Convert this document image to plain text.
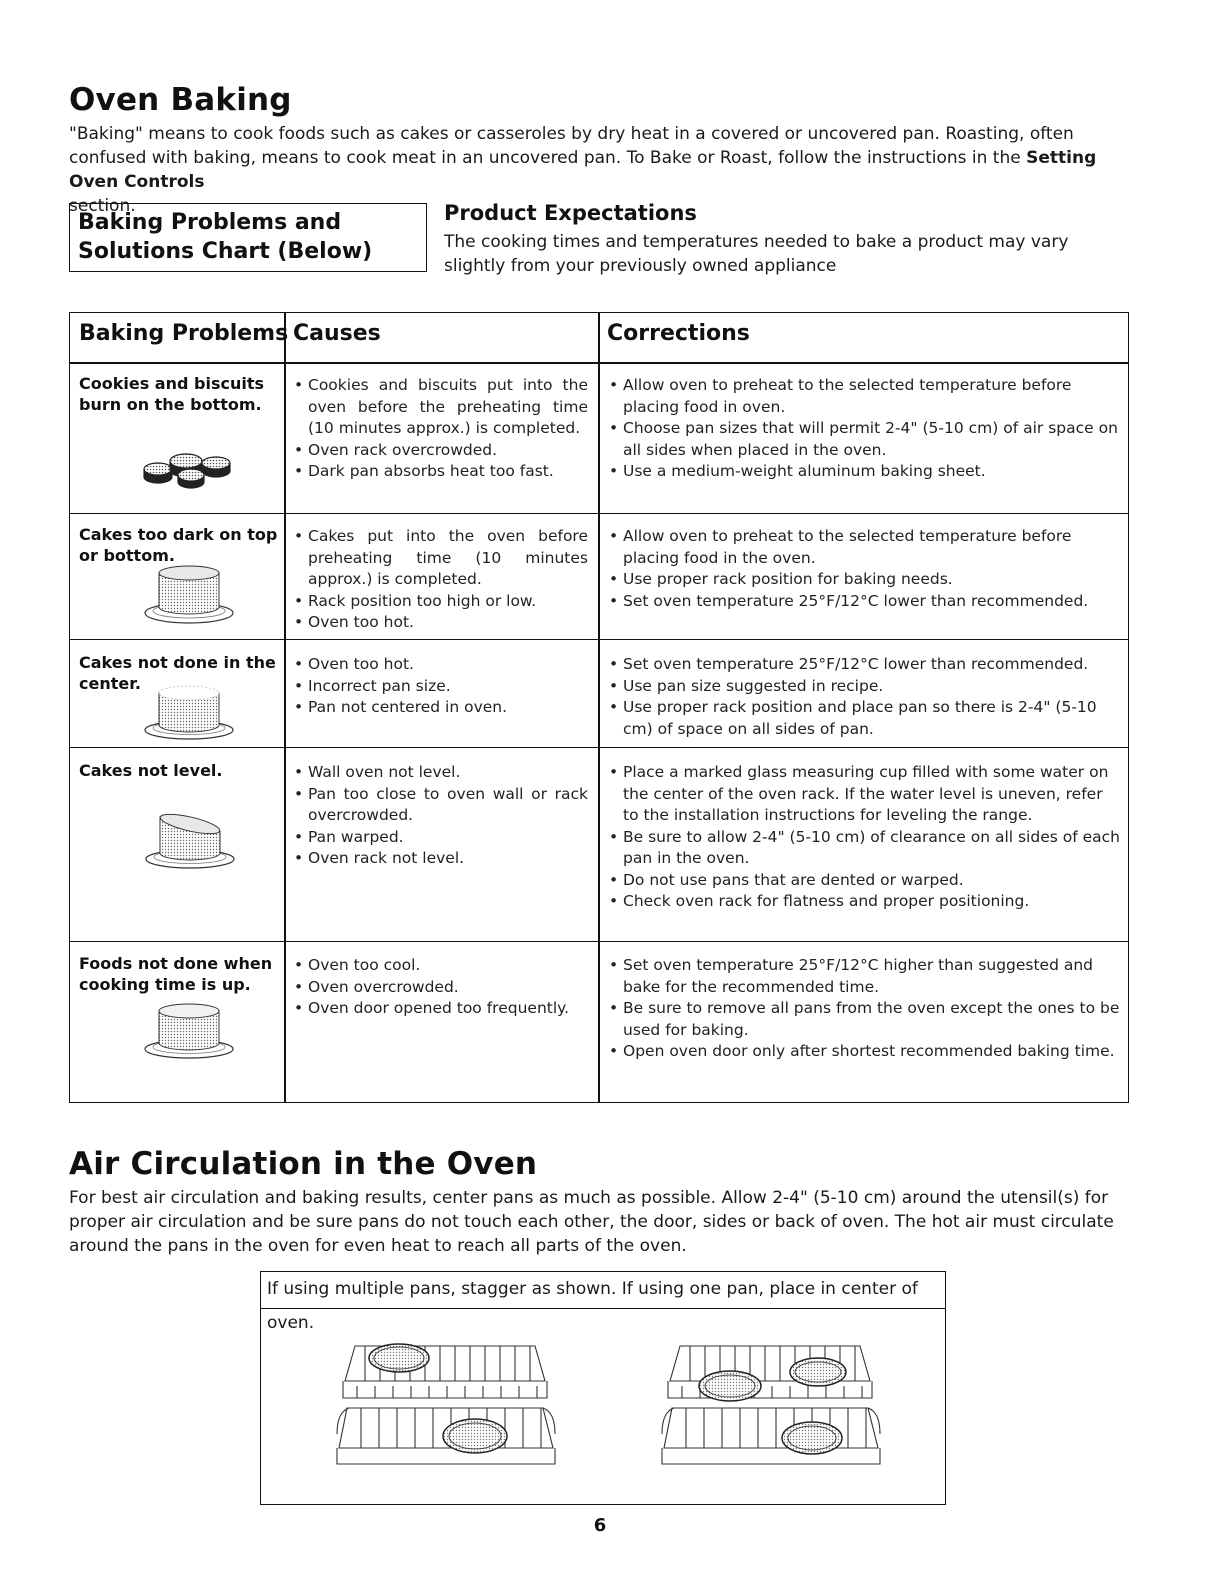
Oven Baking

"Baking" means to cook foods such as cakes or casseroles by dry heat in a covered or uncovered pan. Roasting, often confused with baking, means to cook meat in an uncovered pan. To Bake or Roast, follow the instructions in the Setting Oven Controls
section.

Baking Problems and
Solutions Chart (Below)
Product Expectations
The cooking times and temperatures needed to bake a product may vary slightly from your previously owned appliance
Baking Problems Causes	Corrections
Cookies and biscuits burn on the bottom.
• Cookies and biscuits put into the oven before the preheating time (10 minutes approx.) is completed.
• Oven rack overcrowded.
• Dark pan absorbs heat too fast.
• Allow oven to preheat to the selected temperature before placing food in oven.
• Choose pan sizes that will permit 2-4" (5-10 cm) of air space on all sides when placed in the oven.
• Use a medium-weight aluminum baking sheet.
Cakes too dark on top or bottom.
• Cakes put into the oven before preheating time (10 minutes approx.) is completed.
• Rack position too high or low.
• Oven too hot.
• Allow oven to preheat to the selected temperature before placing food in the oven.
• Use proper rack position for baking needs.
• Set oven temperature 25°F/12°C lower than recommended.
Cakes not done in the center.
• Oven too hot.
• Incorrect pan size.
• Pan not centered in oven.
• Set oven temperature 25°F/12°C lower than recommended.
• Use pan size suggested in recipe.
• Use proper rack position and place pan so there is 2-4" (5-10 cm) of space on all sides of pan.
Cakes not level.
•	Wall oven not level.
• Pan too close to oven wall or rack overcrowded.
• Pan warped.
• Oven rack not level.
• Place a marked glass measuring cup filled with some water on the center of the oven rack. If the water level is uneven, refer to the installation instructions for leveling the range.
• Be sure to allow 2-4" (5-10 cm) of clearance on all sides of each pan in the oven.
• Do not use pans that are dented or warped.
• Check oven rack for flatness and proper positioning.
Foods not done when cooking time is up.
• Oven too cool.
• Oven overcrowded.
• Oven door opened too frequently.
• Set oven temperature 25°F/12°C higher than suggested and bake for the recommended time.
• Be sure to remove all pans from the oven except the ones to be used for baking.
• Open oven door only after shortest recommended baking time.
Air Circulation in the Oven

For best air circulation and baking results, center pans as much as possible. Allow 2-4" (5-10 cm) around the utensil(s) for proper air circulation and be sure pans do not touch each other, the door, sides or back of oven. The hot air must circulate around the pans in the oven for even heat to reach all parts of the oven.

If using multiple pans, stagger as shown. If using one pan, place in center of oven.
6
